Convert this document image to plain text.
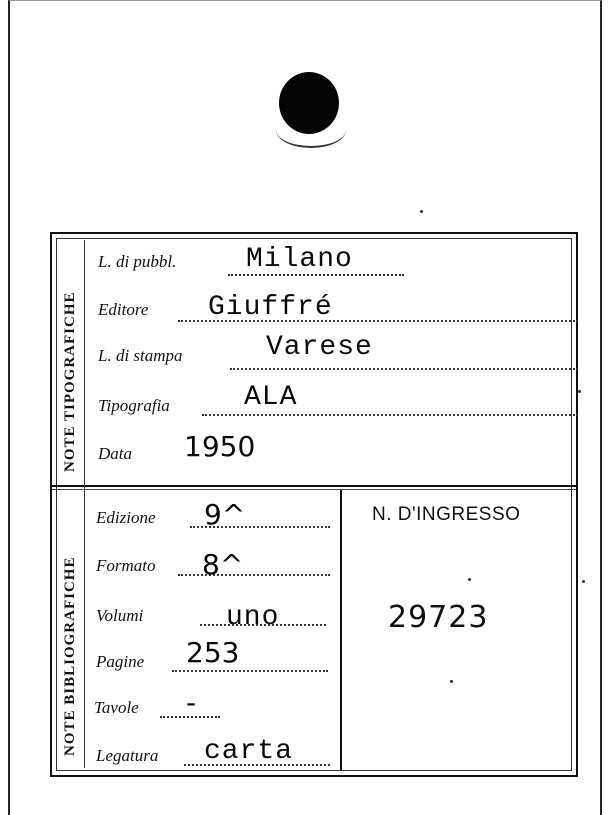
NOTE TIPOGRAFICHE
NOTE BIBLIOGRAFICHE
L. di pubbl. Milano
Editore Giuffré
L. di stampa	Varese
Tipografia	ALA
Data 1950
Edizione 9^
Formato 8^
Volumi	uno
Pagine 253
Tavole -
Legatura carta
N. D'INGRESSO
29723
